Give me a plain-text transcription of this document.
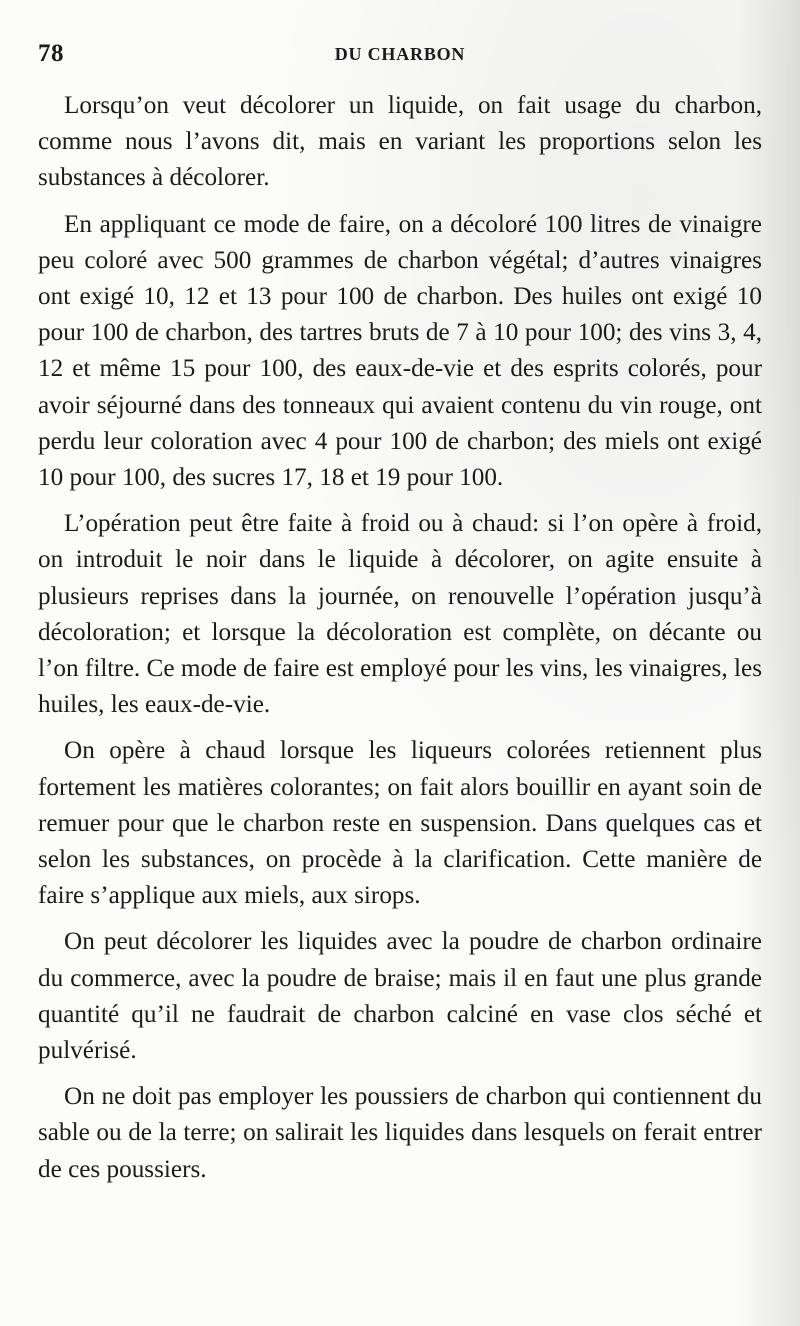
78	DU CHARBON

Lorsqu’on veut décolorer un liquide, on fait usage du charbon, comme nous l’avons dit, mais en variant les proportions selon les substances à décolorer.

En appliquant ce mode de faire, on a décoloré 100 litres de vinaigre peu coloré avec 500 grammes de charbon végétal; d’autres vinaigres ont exigé 10, 12 et 13 pour 100 de charbon. Des huiles ont exigé 10 pour 100 de charbon, des tartres bruts de 7 à 10 pour 100; des vins 3, 4, 12 et même 15 pour 100, des eaux-de-vie et des esprits colorés, pour avoir séjourné dans des tonneaux qui avaient contenu du vin rouge, ont perdu leur coloration avec 4 pour 100 de charbon; des miels ont exigé 10 pour 100, des sucres 17, 18 et 19 pour 100.

L’opération peut être faite à froid ou à chaud: si l’on opère à froid, on introduit le noir dans le liquide à décolorer, on agite ensuite à plusieurs reprises dans la journée, on renouvelle l’opération jusqu’à décoloration; et lorsque la décoloration est complète, on décante ou l’on filtre. Ce mode de faire est employé pour les vins, les vinaigres, les huiles, les eaux-de-vie.

On opère à chaud lorsque les liqueurs colorées retiennent plus fortement les matières colorantes; on fait alors bouillir en ayant soin de remuer pour que le charbon reste en suspension. Dans quelques cas et selon les substances, on procède à la clarification. Cette manière de faire s’applique aux miels, aux sirops.

On peut décolorer les liquides avec la poudre de charbon ordinaire du commerce, avec la poudre de braise; mais il en faut une plus grande quantité qu’il ne faudrait de charbon calciné en vase clos séché et pulvérisé.

On ne doit pas employer les poussiers de charbon qui contiennent du sable ou de la terre; on salirait les liquides dans lesquels on ferait entrer de ces poussiers.
